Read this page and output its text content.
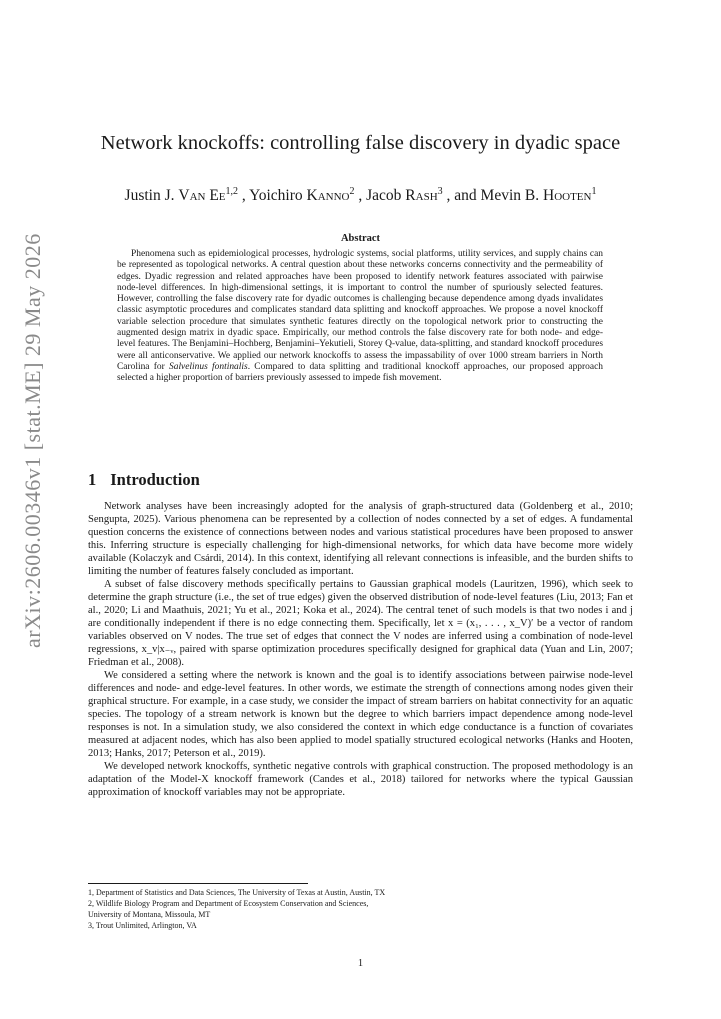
arXiv:2606.00346v1 [stat.ME] 29 May 2026
Network knockoffs: controlling false discovery in dyadic space
Justin J. Van Ee$^{1,2}$ , Yoichiro Kanno$^2$ , Jacob Rash$^3$ , and Mevin B. Hooten$^1$
Abstract
Phenomena such as epidemiological processes, hydrologic systems, social platforms, utility services, and supply chains can be represented as topological networks. A central question about these networks concerns connectivity and the permeability of edges. Dyadic regression and related approaches have been proposed to identify network features associated with pairwise node-level differences. In high-dimensional settings, it is important to control the number of spuriously selected features. However, controlling the false discovery rate for dyadic outcomes is challenging because dependence among dyads invalidates classic asymptotic procedures and complicates standard data splitting and knockoff approaches. We propose a novel knockoff variable selection procedure that simulates synthetic features directly on the topological network prior to constructing the augmented design matrix in dyadic space. Empirically, our method controls the false discovery rate for both node- and edge-level features. The Benjamini–Hochberg, Benjamini–Yekutieli, Storey Q-value, data-splitting, and standard knockoff procedures were all anticonservative. We applied our network knockoffs to assess the impassability of over 1000 stream barriers in North Carolina for Salvelinus fontinalis. Compared to data splitting and traditional knockoff approaches, our proposed approach selected a higher proportion of barriers previously assessed to impede fish movement.
1 Introduction

Network analyses have been increasingly adopted for the analysis of graph-structured data (Goldenberg et al., 2010; Sengupta, 2025). Various phenomena can be represented by a collection of nodes connected by a set of edges. A fundamental question concerns the existence of connections between nodes and various statistical procedures have been proposed to answer this. Inferring structure is especially challenging for high-dimensional networks, for which data have become more widely available (Kolaczyk and Csárdi, 2014). In this context, identifying all relevant connections is infeasible, and the burden shifts to limiting the number of features falsely concluded as important.

A subset of false discovery methods specifically pertains to Gaussian graphical models (Lauritzen, 1996), which seek to determine the graph structure (i.e., the set of true edges) given the observed distribution of node-level features (Liu, 2013; Fan et al., 2020; Li and Maathuis, 2021; Yu et al., 2021; Koka et al., 2024). The central tenet of such models is that two nodes i and j are conditionally independent if there is no edge connecting them. Specifically, let x = (x₁, . . . , x_V)′ be a vector of random variables observed on V nodes. The true set of edges that connect the V nodes are inferred using a combination of node-level regressions, x_v|x₋ᵥ, paired with sparse optimization procedures specifically designed for graphical data (Yuan and Lin, 2007; Friedman et al., 2008).

We considered a setting where the network is known and the goal is to identify associations between pairwise node-level differences and node- and edge-level features. In other words, we estimate the strength of connections among nodes given their graphical structure. For example, in a case study, we consider the impact of stream barriers on habitat connectivity for an aquatic species. The topology of a stream network is known but the degree to which barriers impact dependence among node-level responses is not. In a simulation study, we also considered the context in which edge conductance is a function of covariates measured at adjacent nodes, which has also been applied to model spatially structured ecological networks (Hanks and Hooten, 2013; Hanks, 2017; Peterson et al., 2019).

We developed network knockoffs, synthetic negative controls with graphical construction. The proposed methodology is an adaptation of the Model-X knockoff framework (Candes et al., 2018) tailored for networks where the typical Gaussian approximation of knockoff variables may not be appropriate.

1, Department of Statistics and Data Sciences, The University of Texas at Austin, Austin, TX
2, Wildlife Biology Program and Department of Ecosystem Conservation and Sciences,
University of Montana, Missoula, MT
3, Trout Unlimited, Arlington, VA
1
